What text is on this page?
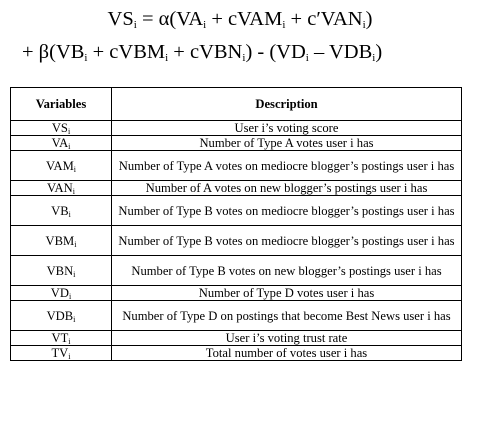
$VS_i = \alpha(VA_i$ + cVAM$_i$ + $c'VAN_i$)
+ $\beta(VB_i$ + cVBM$_i$ + cVBN$_i$) - $(VD_i - VDB_i)$
Variables	Description
$VS_i$	User i’s voting score
$VA_i$	Number of Type A votes user i has
$VAM_i$	Number of Type A votes on mediocre blogger’s postings user i has
$VAN_i$	Number of A votes on new blogger’s postings user i has
$VB_i$	Number of Type B votes on mediocre blogger’s postings user i has
$VBM_i$	Number of Type B votes on mediocre blogger’s postings user i has
$VBN_i$	Number of Type B votes on new blogger’s postings user i has
$VD_i$	Number of Type D votes user i has
$VDB_i$	Number of Type D on postings that become Best News user i has
$VT_i$	User i’s voting trust rate
$TV_i$	Total number of votes user i has
